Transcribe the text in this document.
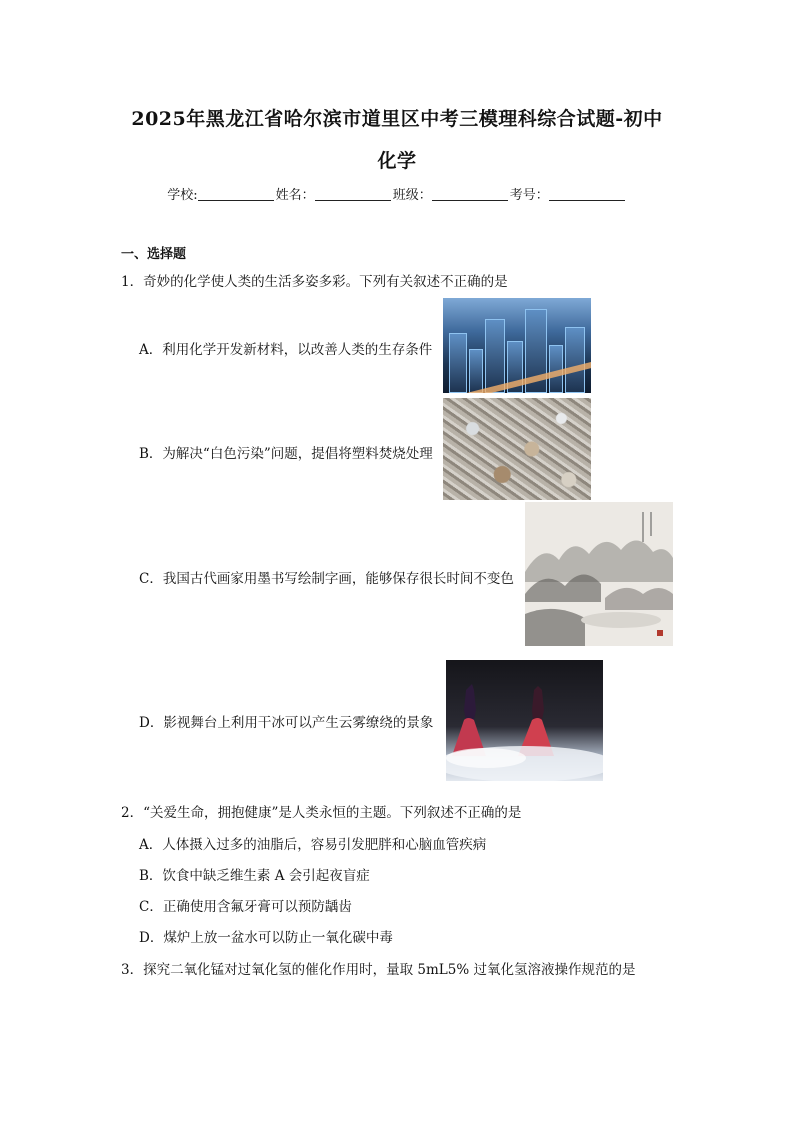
2025年黑龙江省哈尔滨市道里区中考三模理科综合试题-初中
化学
学校:	姓名：	班级：	考号：
一、选择题
1．奇妙的化学使人类的生活多姿多彩。下列有关叙述不正确的是
A．利用化学开发新材料，以改善人类的生存条件
B．为解决“白色污染”问题，提倡将塑料焚烧处理
C．我国古代画家用墨书写绘制字画，能够保存很长时间不变色
D．影视舞台上利用干冰可以产生云雾缭绕的景象
2．“关爱生命，拥抱健康”是人类永恒的主题。下列叙述不正确的是
A．人体摄入过多的油脂后，容易引发肥胖和心脑血管疾病
B．饮食中缺乏维生素 A 会引起夜盲症
C．正确使用含氟牙膏可以预防龋齿
D．煤炉上放一盆水可以防止一氧化碳中毒
3．探究二氧化锰对过氧化氢的催化作用时，量取 5mL5% 过氧化氢溶液操作规范的是
